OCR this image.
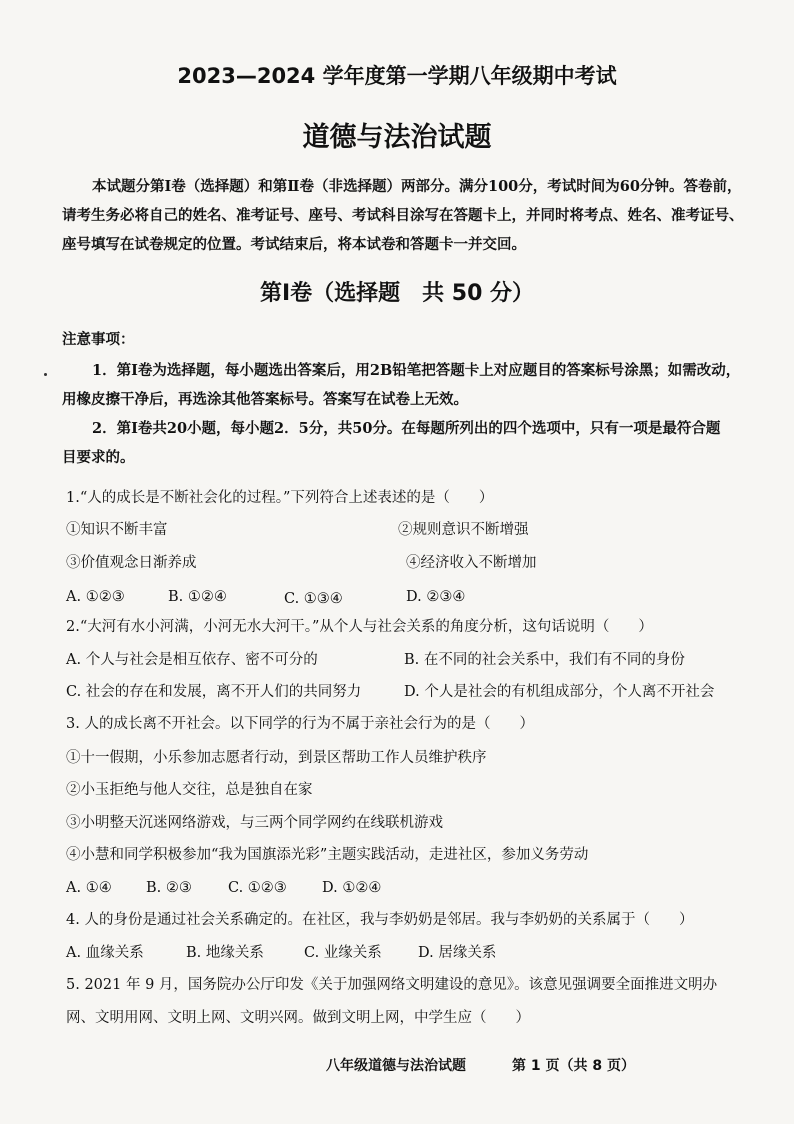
2023—2024 学年度第一学期八年级期中考试
道德与法治试题

本试题分第Ⅰ卷（选择题）和第Ⅱ卷（非选择题）两部分。满分100分，考试时间为60分钟。答卷前，

请考生务必将自己的姓名、准考证号、座号、考试科目涂写在答题卡上，并同时将考点、姓名、准考证号、

座号填写在试卷规定的位置。考试结束后，将本试卷和答题卡一并交回。

第Ⅰ卷（选择题　共 50 分）
注意事项：

1．第Ⅰ卷为选择题，每小题选出答案后，用2B铅笔把答题卡上对应题目的答案标号涂黑；如需改动，

用橡皮擦干净后，再选涂其他答案标号。答案写在试卷上无效。

2．第Ⅰ卷共20小题，每小题2．5分，共50分。在每题所列出的四个选项中，只有一项是最符合题

目要求的。

1.“人的成长是不断社会化的过程。”下列符合上述表述的是（　　）
①知识不断丰富	②规则意识不断增强
③价值观念日渐养成	④经济收入不断增加
A. ①②③	B. ①②④	C. ①③④	D. ②③④
2.“大河有水小河满，小河无水大河干。”从个人与社会关系的角度分析，这句话说明（　　）
A. 个人与社会是相互依存、密不可分的	B. 在不同的社会关系中，我们有不同的身份
C. 社会的存在和发展，离不开人们的共同努力	D. 个人是社会的有机组成部分，个人离不开社会
3. 人的成长离不开社会。以下同学的行为不属于亲社会行为的是（　　）
①十一假期，小乐参加志愿者行动，到景区帮助工作人员维护秩序
②小玉拒绝与他人交往，总是独自在家
③小明整天沉迷网络游戏，与三两个同学网约在线联机游戏
④小慧和同学积极参加“我为国旗添光彩”主题实践活动，走进社区，参加义务劳动
A. ①④ B. ②③ C. ①②③ D. ①②④
4. 人的身份是通过社会关系确定的。在社区，我与李奶奶是邻居。我与李奶奶的关系属于（　　）
A. 血缘关系	B. 地缘关系	C. 业缘关系 D. 居缘关系
5. 2021 年 9 月，国务院办公厅印发《关于加强网络文明建设的意见》。该意见强调要全面推进文明办
网、文明用网、文明上网、文明兴网。做到文明上网，中学生应（　　）
八年级道德与法治试题	第 1 页（共 8 页）
